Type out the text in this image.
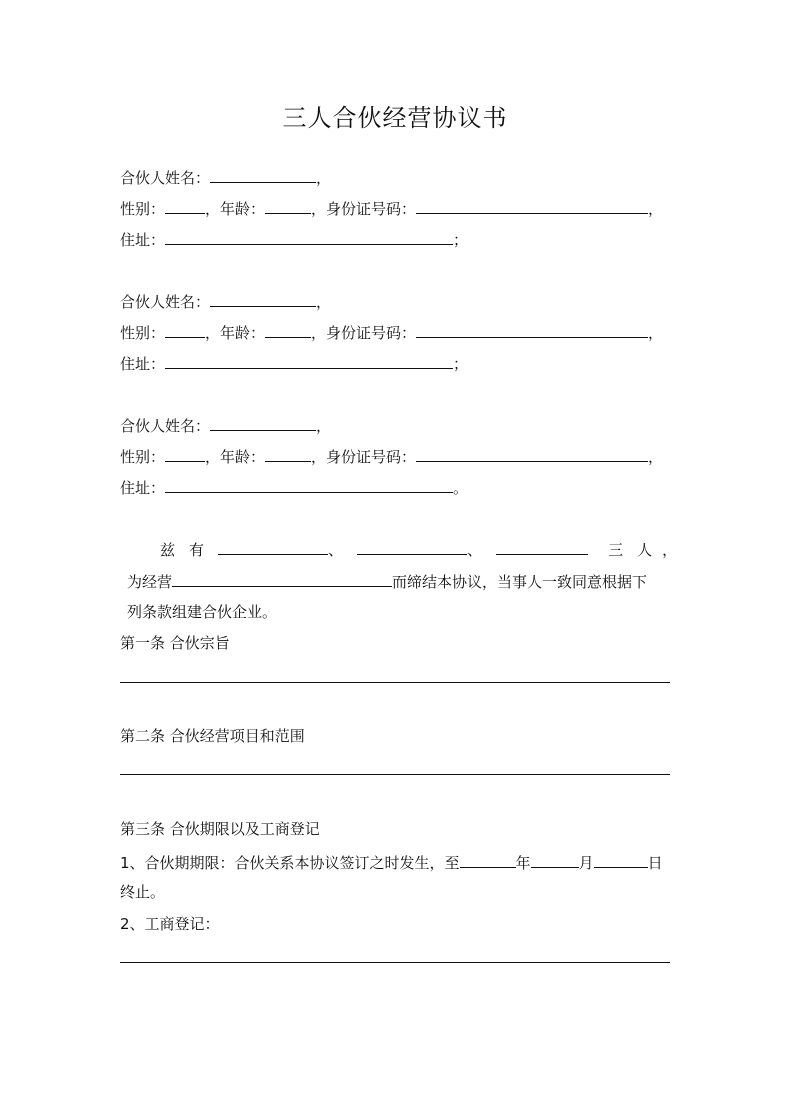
三人合伙经营协议书
合伙人姓名：	，
性别：	，年龄：	，身份证号码：	，
住址：	；
合伙人姓名：	，
性别：	，年龄：	，身份证号码：	，
住址：	；
合伙人姓名：	，
性别：	，年龄：	，身份证号码：	，
住址：	。
兹 有	、	、	三 人 ，
为经营	而缔结本协议，当事人一致同意根据下
列条款组建合伙企业。
第一条 合伙宗旨
第二条 合伙经营项目和范围
第三条 合伙期限以及工商登记
1、合伙期期限：合伙关系本协议签订之时发生，至	年	月	日
终止。
2、工商登记：
